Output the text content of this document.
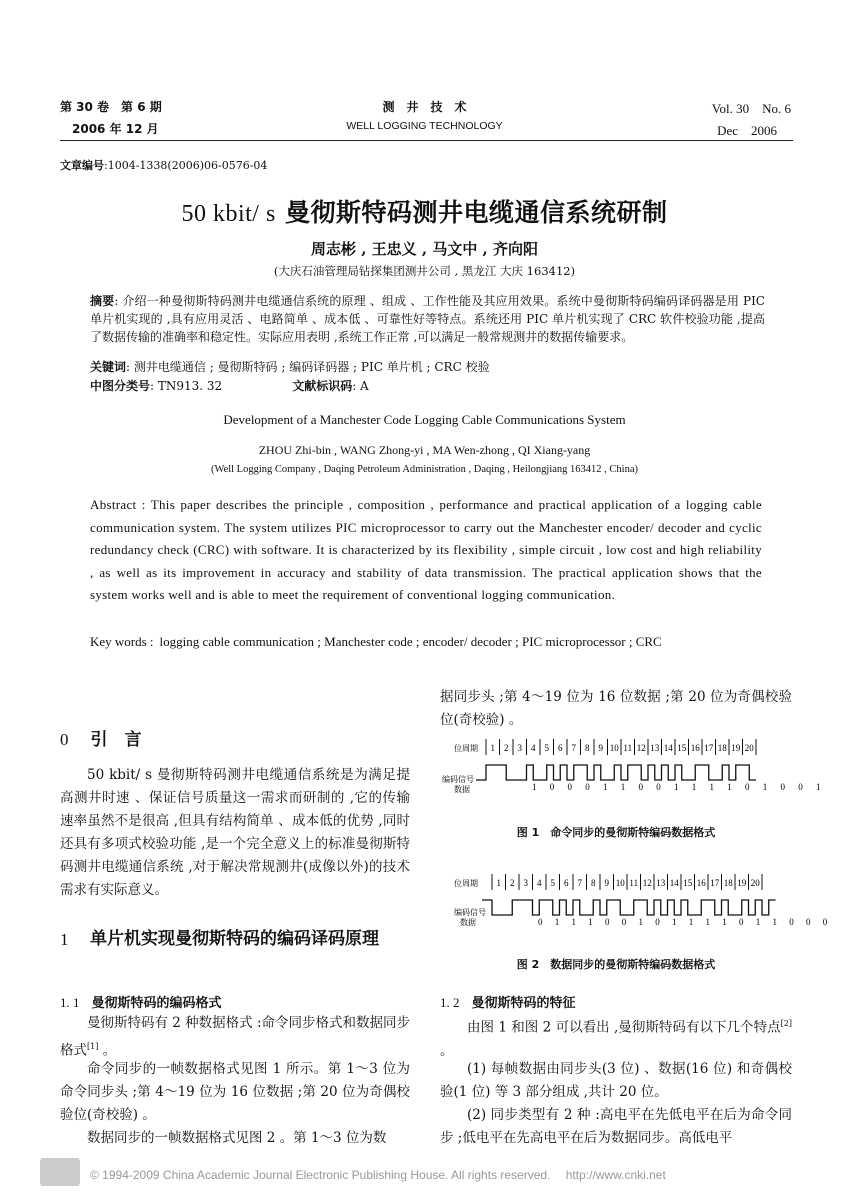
第 30 卷　第 6 期
2006 年 12 月
测　井　技　术
WELL LOGGING TECHNOLOGY
Vol. 30　No. 6
Dec　2006
文章编号:1004-1338(2006)06-0576-04
50 kbit/ s 曼彻斯特码测井电缆通信系统研制
周志彬 , 王忠义 , 马文中 , 齐向阳
(大庆石油管理局钻探集团测井公司 , 黑龙江 大庆 163412)
摘要: 介绍一种曼彻斯特码测井电缆通信系统的原理 、组成 、工作性能及其应用效果。系统中曼彻斯特码编码译码器是用 PIC 单片机实现的 ,具有应用灵活 、电路简单 、成本低 、可靠性好等特点。系统还用 PIC 单片机实现了 CRC 软件校验功能 ,提高了数据传输的准确率和稳定性。实际应用表明 ,系统工作正常 ,可以满足一般常规测井的数据传输要求。
关键词: 测井电缆通信 ; 曼彻斯特码 ; 编码译码器 ; PIC 单片机 ; CRC 校验
中图分类号: TN913. 32	文献标识码: A
Development of a Manchester Code Logging Cable Communications System
ZHOU Zhi-bin , WANG Zhong-yi , MA Wen-zhong , QI Xiang-yang
(Well Logging Company , Daqing Petroleum Administration , Daqing , Heilongjiang 163412 , China)
Abstract : This paper describes the principle , composition , performance and practical application of a logging cable communication system. The system utilizes PIC microprocessor to carry out the Manchester encoder/ decoder and cyclic redundancy check (CRC) with software. It is characterized by its flexibility , simple circuit , low cost and high reliability , as well as its improvement in accuracy and stability of data transmission. The practical application shows that the system works well and is able to meet the requirement of conventional logging communication.
Key words : logging cable communication ; Manchester code ; encoder/ decoder ; PIC microprocessor ; CRC
0 引　言
50 kbit/ s 曼彻斯特码测井电缆通信系统是为满足提高测井时速 、保证信号质量这一需求而研制的 ,它的传输速率虽然不是很高 ,但具有结构简单 、成本低的优势 ,同时还具有多项式校验功能 ,是一个完全意义上的标准曼彻斯特码测井电缆通信系统 ,对于解决常规测井(成像以外)的技术需求有实际意义。
1	单片机实现曼彻斯特码的编码译码原理
1. 1 曼彻斯特码的编码格式
曼彻斯特码有 2 种数据格式 :命令同步格式和数据同步格式[1] 。
命令同步的一帧数据格式见图 1 所示。第 1～3 位为命令同步头 ;第 4～19 位为 16 位数据 ;第 20 位为奇偶校验位(奇校验) 。
数据同步的一帧数据格式见图 2 。第 1～3 位为数
据同步头 ;第 4～19 位为 16 位数据 ;第 20 位为奇偶校验位(奇校验) 。
位周期 1 2 3 4 5 6 7 8 9 10 11 12 13 14 15 16 17 18 19 20
编码信号
数据	1 0 0 0 1 1 0 0 1 1 1 1 0 1 0 0 1
图 1　命令同步的曼彻斯特编码数据格式
位周期 1 2 3 4 5 6 7 8 9 10 11 12 13 14 15 16 17 18 19 20
编码信号
数据	0 1 1 1 0 0 1 0 1 1 1 1 0 1 1 0 0 0
图 2　数据同步的曼彻斯特编码数据格式
1. 2 曼彻斯特码的特征
由图 1 和图 2 可以看出 ,曼彻斯特码有以下几个特点[2] 。
(1) 每帧数据由同步头(3 位) 、数据(16 位) 和奇偶校验(1 位) 等 3 部分组成 ,共计 20 位。
(2) 同步类型有 2 种 :高电平在先低电平在后为命令同步 ;低电平在先高电平在后为数据同步。高低电平
© 1994-2009 China Academic Journal Electronic Publishing House. All rights reserved.　 http://www.cnki.net
